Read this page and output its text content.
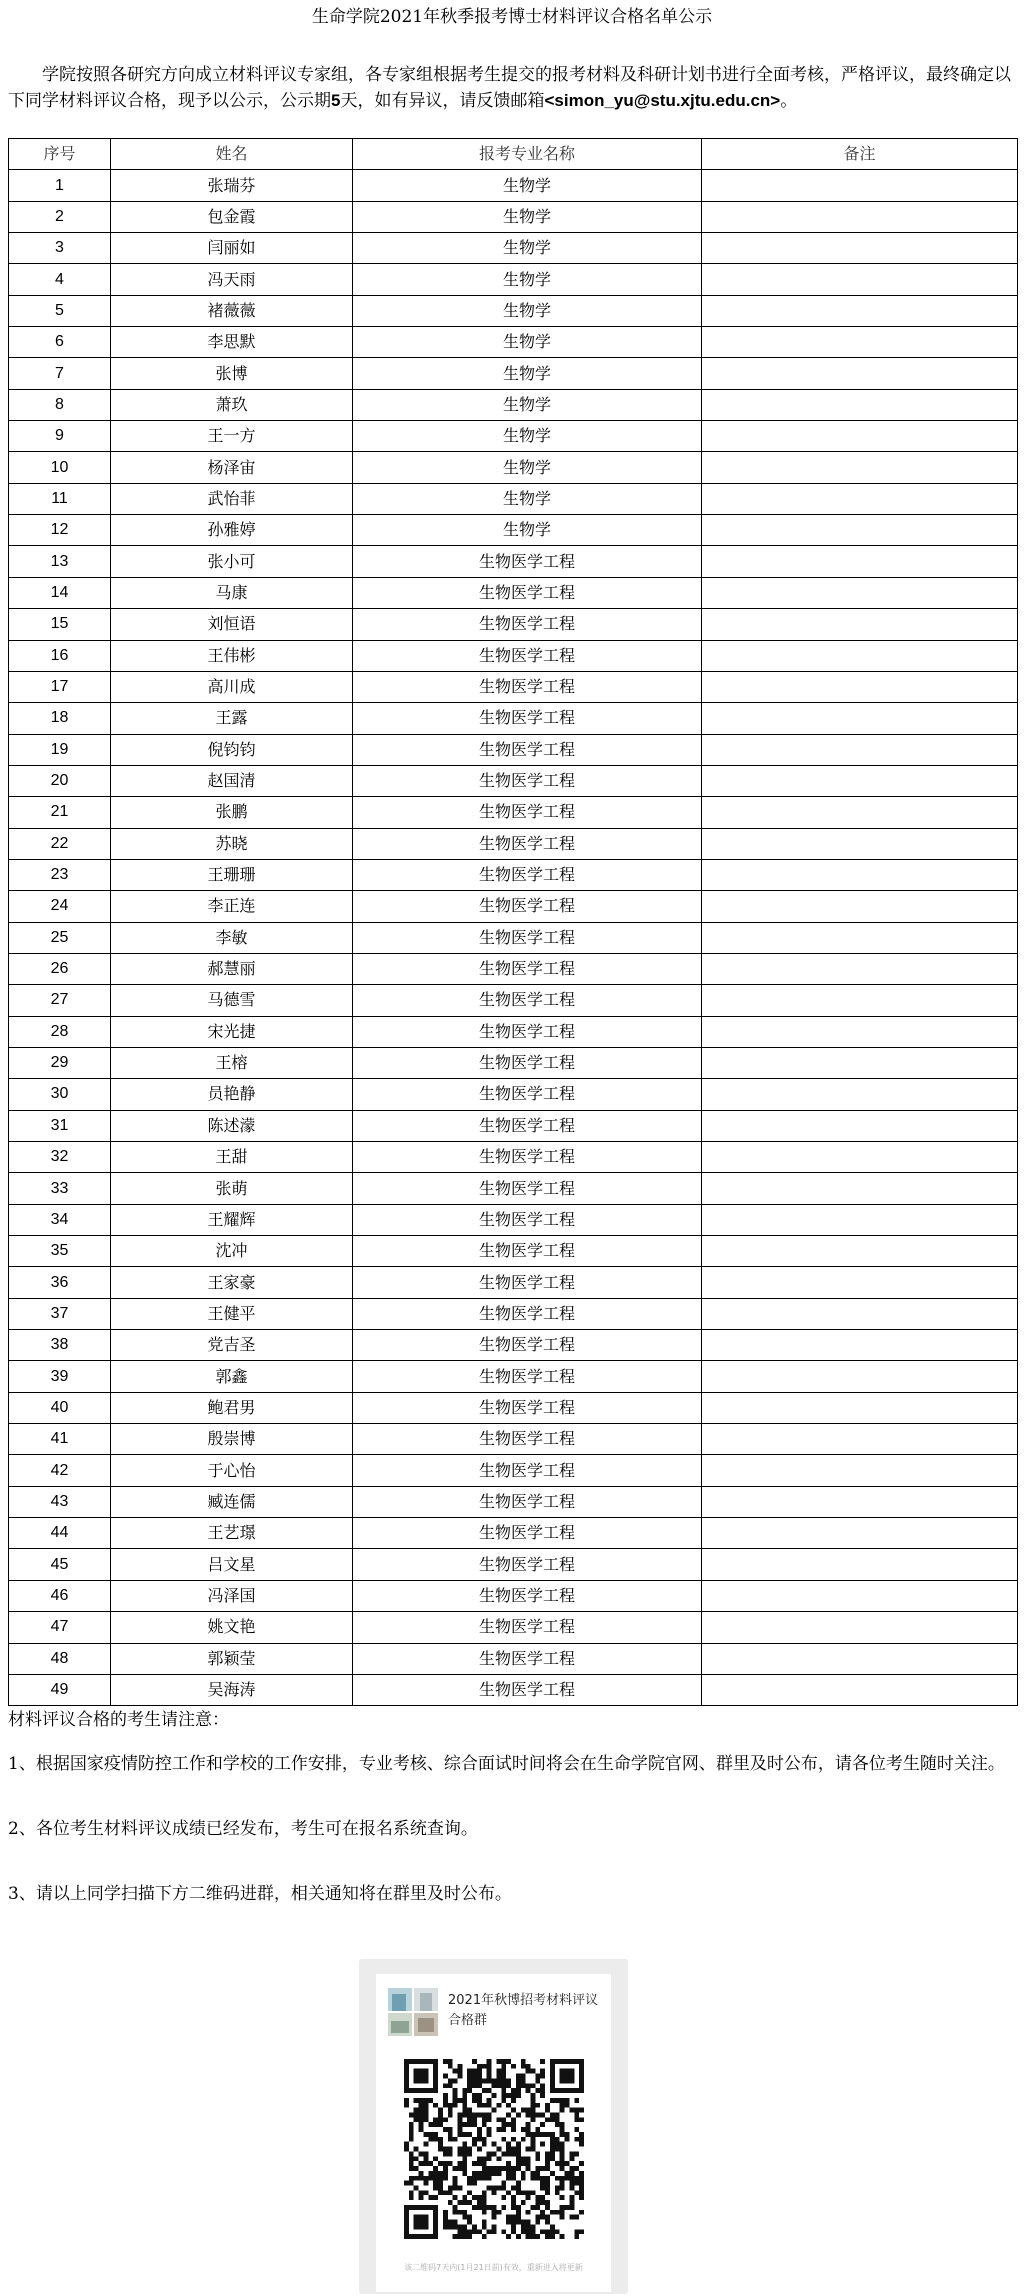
生命学院2021年秋季报考博士材料评议合格名单公示

学院按照各研究方向成立材料评议专家组，各专家组根据考生提交的报考材料及科研计划书进行全面考核，严格评议，最终确定以下同学材料评议合格，现予以公示，公示期5天，如有异议，请反馈邮箱<simon_yu@stu.xjtu.edu.cn>。

序号	姓名	报考专业名称	备注
1	张瑞芬	生物学	
2	包金霞	生物学	
3	闫丽如	生物学	
4	冯天雨	生物学	
5	褚薇薇	生物学	
6	李思默	生物学	
7	张博	生物学	
8	萧玖	生物学	
9	王一方	生物学	
10	杨泽宙	生物学	
11	武怡菲	生物学	
12	孙雅婷	生物学	
13	张小可	生物医学工程	
14	马康	生物医学工程	
15	刘恒语	生物医学工程	
16	王伟彬	生物医学工程	
17	高川成	生物医学工程	
18	王露	生物医学工程	
19	倪钧钧	生物医学工程	
20	赵国清	生物医学工程	
21	张鹏	生物医学工程	
22	苏晓	生物医学工程	
23	王珊珊	生物医学工程	
24	李正连	生物医学工程	
25	李敏	生物医学工程	
26	郝慧丽	生物医学工程	
27	马德雪	生物医学工程	
28	宋光捷	生物医学工程	
29	王榕	生物医学工程	
30	员艳静	生物医学工程	
31	陈述濛	生物医学工程	
32	王甜	生物医学工程	
33	张萌	生物医学工程	
34	王耀辉	生物医学工程	
35	沈冲	生物医学工程	
36	王家豪	生物医学工程	
37	王健平	生物医学工程	
38	党吉圣	生物医学工程	
39	郭鑫	生物医学工程	
40	鲍君男	生物医学工程	
41	殷崇博	生物医学工程	
42	于心怡	生物医学工程	
43	臧连儒	生物医学工程	
44	王艺璟	生物医学工程	
45	吕文星	生物医学工程	
46	冯泽国	生物医学工程	
47	姚文艳	生物医学工程	
48	郭颖莹	生物医学工程	
49	吴海涛	生物医学工程	

材料评议合格的考生请注意：

1、根据国家疫情防控工作和学校的工作安排，专业考核、综合面试时间将会在生命学院官网、群里及时公布，请各位考生随时关注。

2、各位考生材料评议成绩已经发布，考生可在报名系统查询。

3、请以上同学扫描下方二维码进群，相关通知将在群里及时公布。

2021年秋博招考材料评议合格群
该二维码7天内(1月21日前)有效，重新进入将更新
